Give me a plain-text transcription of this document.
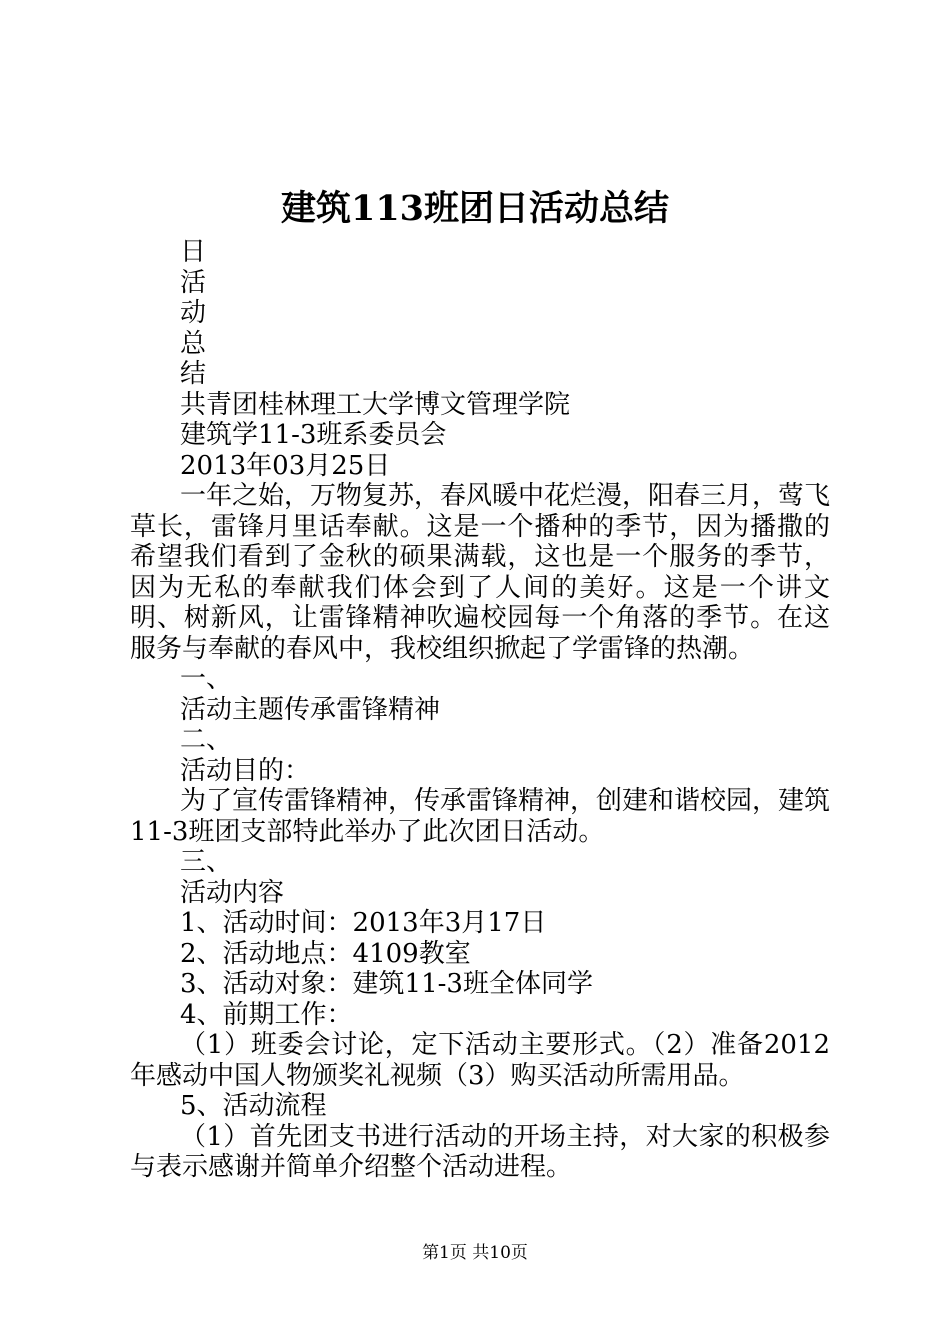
建筑113班团日活动总结
日
活
动
总
结
共青团桂林理工大学博文管理学院
建筑学11-3班系委员会
2013年03月25日
一年之始，万物复苏，春风暖中花烂漫，阳春三月，莺飞草长，雷锋月里话奉献。这是一个播种的季节，因为播撒的希望我们看到了金秋的硕果满载，这也是一个服务的季节，因为无私的奉献我们体会到了人间的美好。这是一个讲文明、树新风，让雷锋精神吹遍校园每一个角落的季节。在这服务与奉献的春风中，我校组织掀起了学雷锋的热潮。
一、
活动主题传承雷锋精神
二、
活动目的：
为了宣传雷锋精神，传承雷锋精神，创建和谐校园，建筑11-3班团支部特此举办了此次团日活动。
三、
活动内容
1、活动时间：2013年3月17日
2、活动地点：4109教室
3、活动对象：建筑11-3班全体同学
4、前期工作：
（1）班委会讨论，定下活动主要形式。（2）准备2012年感动中国人物颁奖礼视频（3）购买活动所需用品。
5、活动流程
（1）首先团支书进行活动的开场主持，对大家的积极参与表示感谢并简单介绍整个活动进程。
第1页 共10页
